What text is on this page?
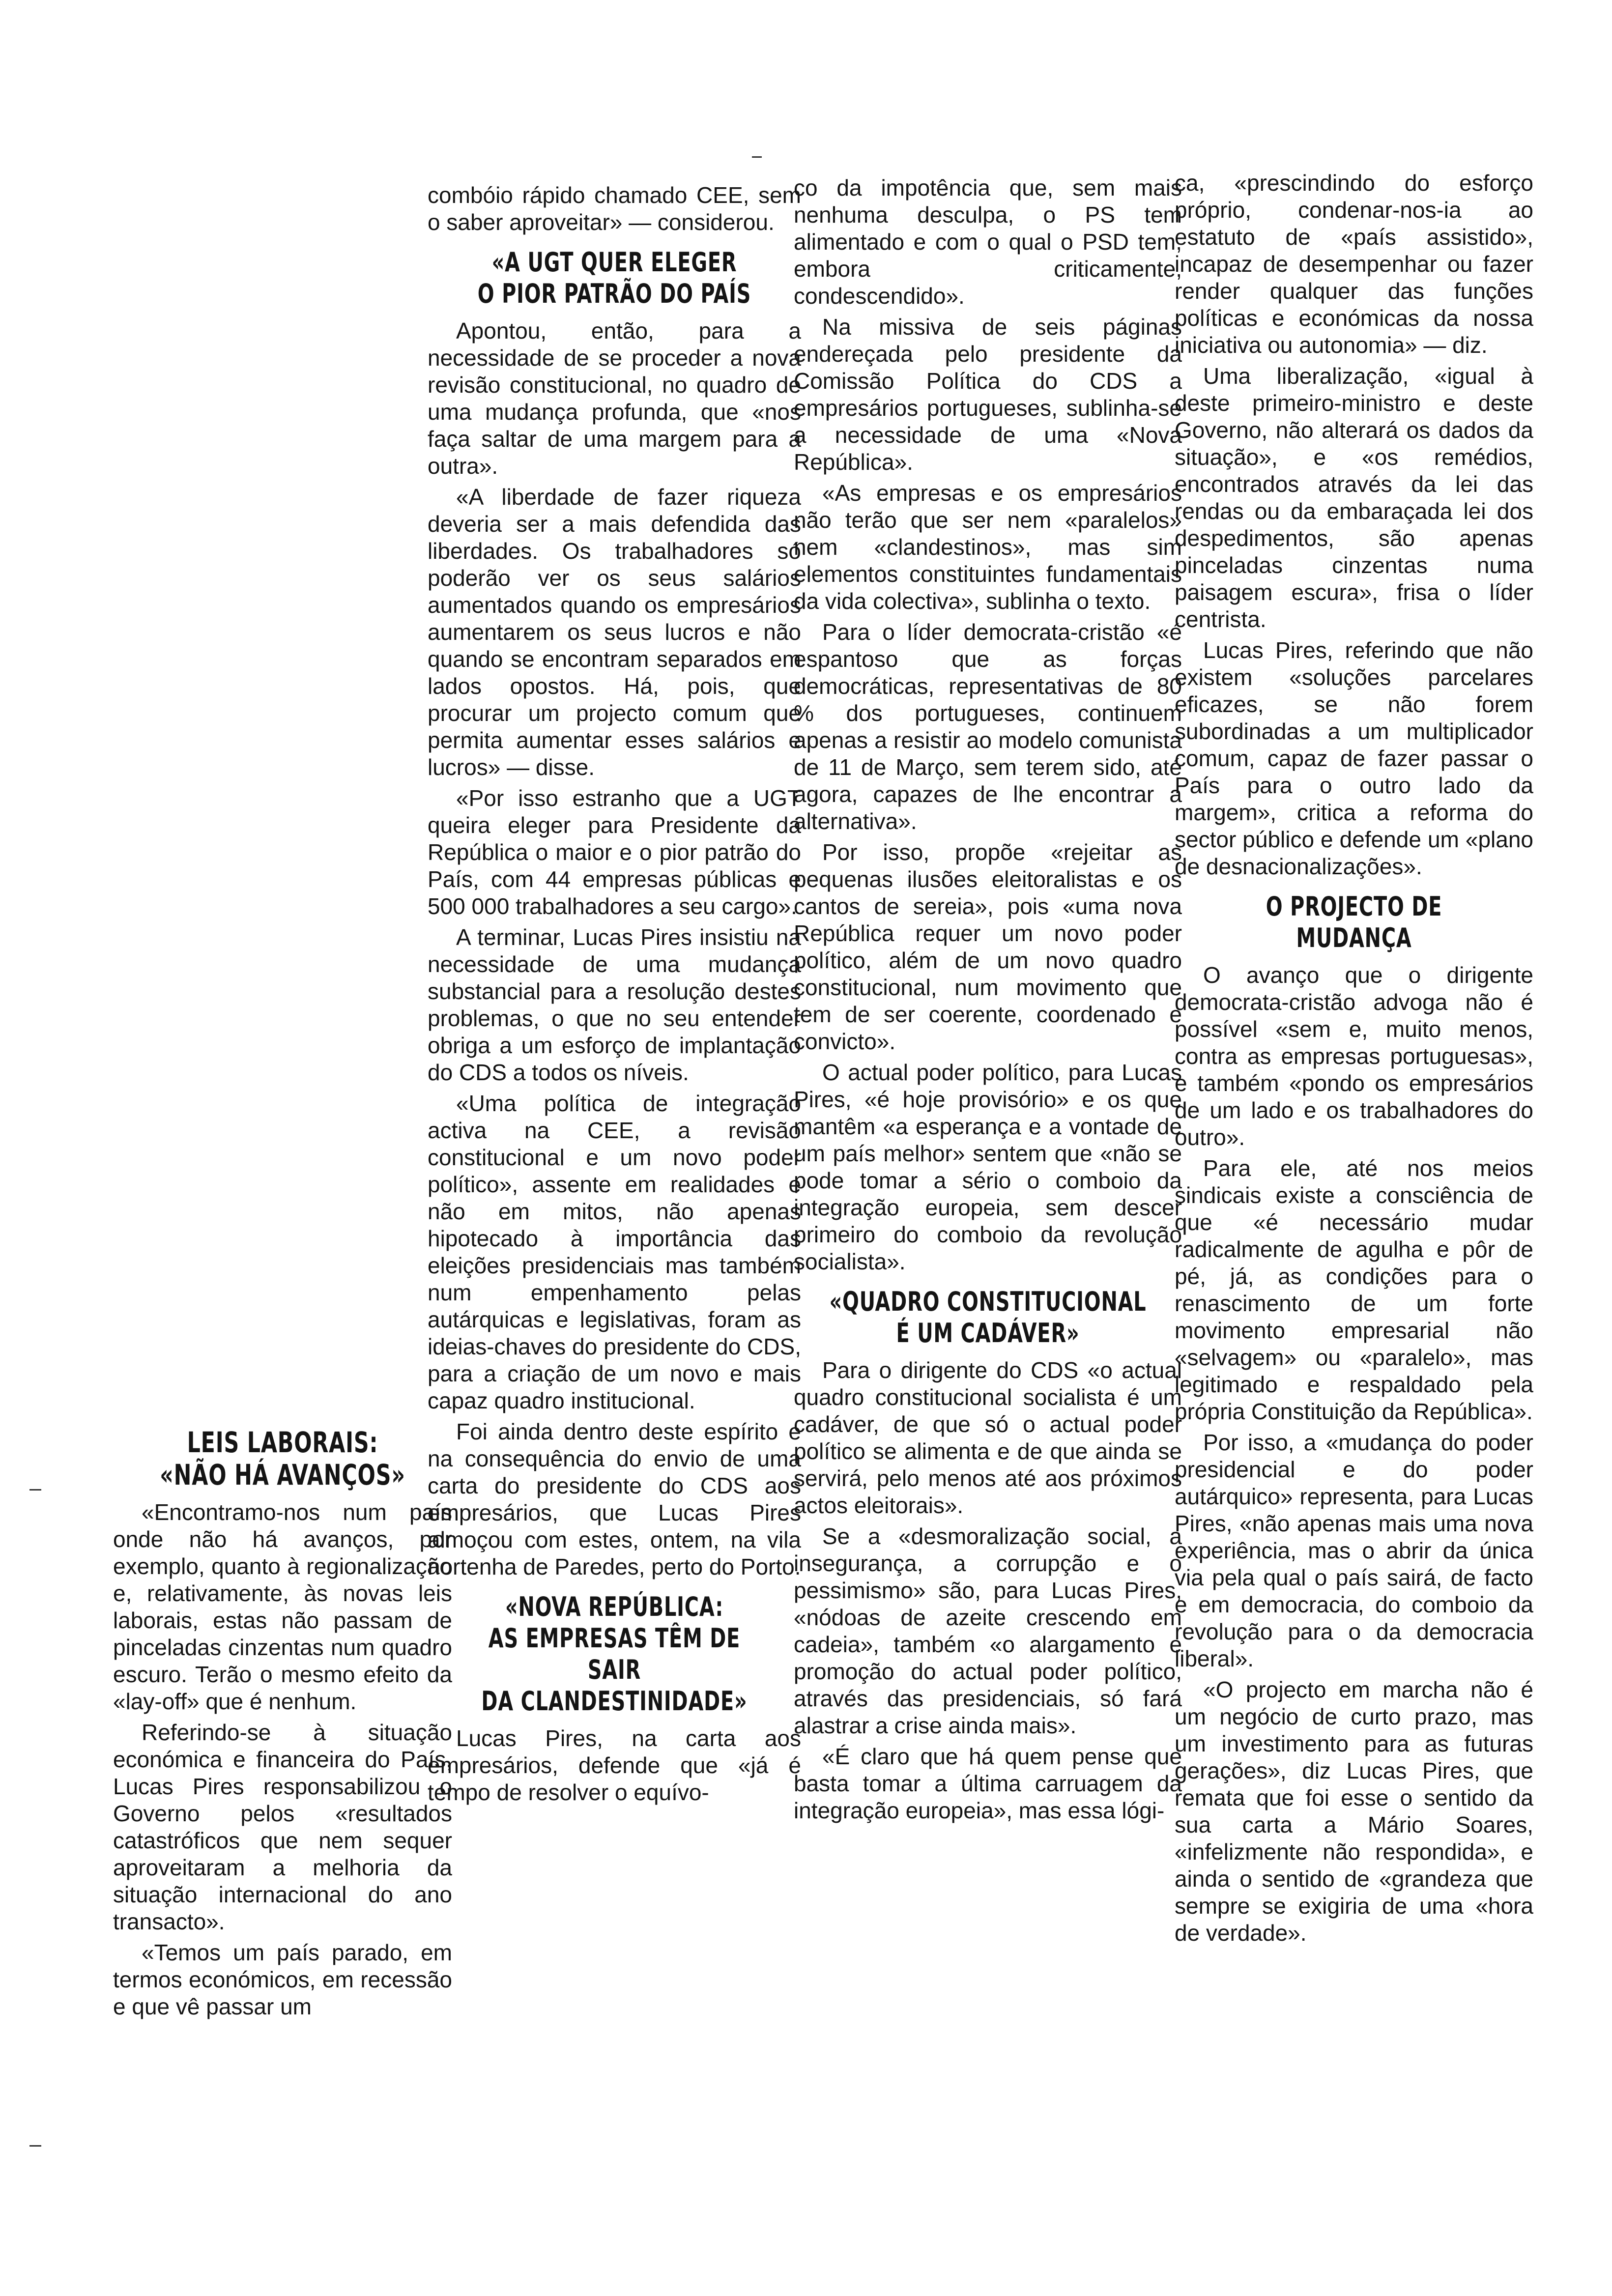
LEIS LABORAIS:
«NÃO HÁ AVANÇOS»

«Encontramo-nos num país onde não há avanços, por exemplo, quanto à regionalização e, relativamente, às novas leis laborais, estas não passam de pinceladas cinzentas num quadro escuro. Terão o mesmo efeito da «lay-off» que é nenhum.

Referindo-se à situação económica e financeira do País, Lucas Pires responsabilizou o Governo pelos «resultados catastróficos que nem sequer aproveitaram a melhoria da situação internacional do ano transacto».

«Temos um país parado, em termos económicos, em recessão e que vê passar um

combóio rápido chamado CEE, sem o saber aproveitar» — considerou.

«A UGT QUER ELEGER
O PIOR PATRÃO DO PAÍS

Apontou, então, para a necessidade de se proceder a nova revisão constitucional, no quadro de uma mudança profunda, que «nos faça saltar de uma margem para a outra».

«A liberdade de fazer riqueza deveria ser a mais defendida das liberdades. Os trabalhadores só poderão ver os seus salários aumentados quando os empresários aumentarem os seus lucros e não quando se encontram separados em lados opostos. Há, pois, que procurar um projecto comum que permita aumentar esses salários e lucros» — disse.

«Por isso estranho que a UGT queira eleger para Presidente da República o maior e o pior patrão do País, com 44 empresas públicas e 500 000 trabalhadores a seu cargo».

A terminar, Lucas Pires insistiu na necessidade de uma mudança substancial para a resolução destes problemas, o que no seu entender obriga a um esforço de implantação do CDS a todos os níveis.

«Uma política de integração activa na CEE, a revisão constitucional e um novo poder político», assente em realidades e não em mitos, não apenas hipotecado à importância das eleições presidenciais mas também num empenhamento pelas autárquicas e legislativas, foram as ideias-chaves do presidente do CDS, para a criação de um novo e mais capaz quadro institucional.

Foi ainda dentro deste espírito e na consequência do envio de uma carta do presidente do CDS aos empresários, que Lucas Pires almoçou com estes, ontem, na vila nortenha de Paredes, perto do Porto.

«NOVA REPÚBLICA:
AS EMPRESAS TÊM DE SAIR
DA CLANDESTINIDADE»

Lucas Pires, na carta aos empresários, defende que «já é tempo de resolver o equívo-

co da impotência que, sem mais nenhuma desculpa, o PS tem alimentado e com o qual o PSD tem, embora criticamente, condescendido».

Na missiva de seis páginas endereçada pelo presidente da Comissão Política do CDS a empresários portugueses, sublinha-se a necessidade de uma «Nova República».

«As empresas e os empresários não terão que ser nem «paralelos» nem «clandestinos», mas sim elementos constituintes fundamentais da vida colectiva», sublinha o texto.

Para o líder democrata-cristão «é espantoso que as forças democráticas, representativas de 80 % dos portugueses, continuem apenas a resistir ao modelo comunista de 11 de Março, sem terem sido, até agora, capazes de lhe encontrar a alternativa».

Por isso, propõe «rejeitar as pequenas ilusões eleitoralistas e os cantos de sereia», pois «uma nova República requer um novo poder político, além de um novo quadro constitucional, num movimento que tem de ser coerente, coordenado e convicto».

O actual poder político, para Lucas Pires, «é hoje provisório» e os que mantêm «a esperança e a vontade de um país melhor» sentem que «não se pode tomar a sério o comboio da integração europeia, sem descer primeiro do comboio da revolução socialista».

«QUADRO CONSTITUCIONAL
É UM CADÁVER»

Para o dirigente do CDS «o actual quadro constitucional socialista é um cadáver, de que só o actual poder político se alimenta e de que ainda se servirá, pelo menos até aos próximos actos eleitorais».

Se a «desmoralização social, a insegurança, a corrupção e o pessimismo» são, para Lucas Pires, «nódoas de azeite crescendo em cadeia», também «o alargamento e promoção do actual poder político, através das presidenciais, só fará alastrar a crise ainda mais».

«É claro que há quem pense que basta tomar a última carruagem da integração europeia», mas essa lógi-

ca, «prescindindo do esforço próprio, condenar-nos-ia ao estatuto de «país assistido», incapaz de desempenhar ou fazer render qualquer das funções políticas e económicas da nossa iniciativa ou autonomia» — diz.

Uma liberalização, «igual à deste primeiro-ministro e deste Governo, não alterará os dados da situação», e «os remédios, encontrados através da lei das rendas ou da embaraçada lei dos despedimentos, são apenas pinceladas cinzentas numa paisagem escura», frisa o líder centrista.

Lucas Pires, referindo que não existem «soluções parcelares eficazes, se não forem subordinadas a um multiplicador comum, capaz de fazer passar o País para o outro lado da margem», critica a reforma do sector público e defende um «plano de desnacionalizações».

O PROJECTO DE MUDANÇA

O avanço que o dirigente democrata-cristão advoga não é possível «sem e, muito menos, contra as empresas portuguesas», e também «pondo os empresários de um lado e os trabalhadores do outro».

Para ele, até nos meios sindicais existe a consciência de que «é necessário mudar radicalmente de agulha e pôr de pé, já, as condições para o renascimento de um forte movimento empresarial não «selvagem» ou «paralelo», mas legitimado e respaldado pela própria Constituição da República».

Por isso, a «mudança do poder presidencial e do poder autárquico» representa, para Lucas Pires, «não apenas mais uma nova experiência, mas o abrir da única via pela qual o país sairá, de facto e em democracia, do comboio da revolução para o da democracia liberal».

«O projecto em marcha não é um negócio de curto prazo, mas um investimento para as futuras gerações», diz Lucas Pires, que remata que foi esse o sentido da sua carta a Mário Soares, «infelizmente não respondida», e ainda o sentido de «grandeza que sempre se exigiria de uma «hora de verdade».
